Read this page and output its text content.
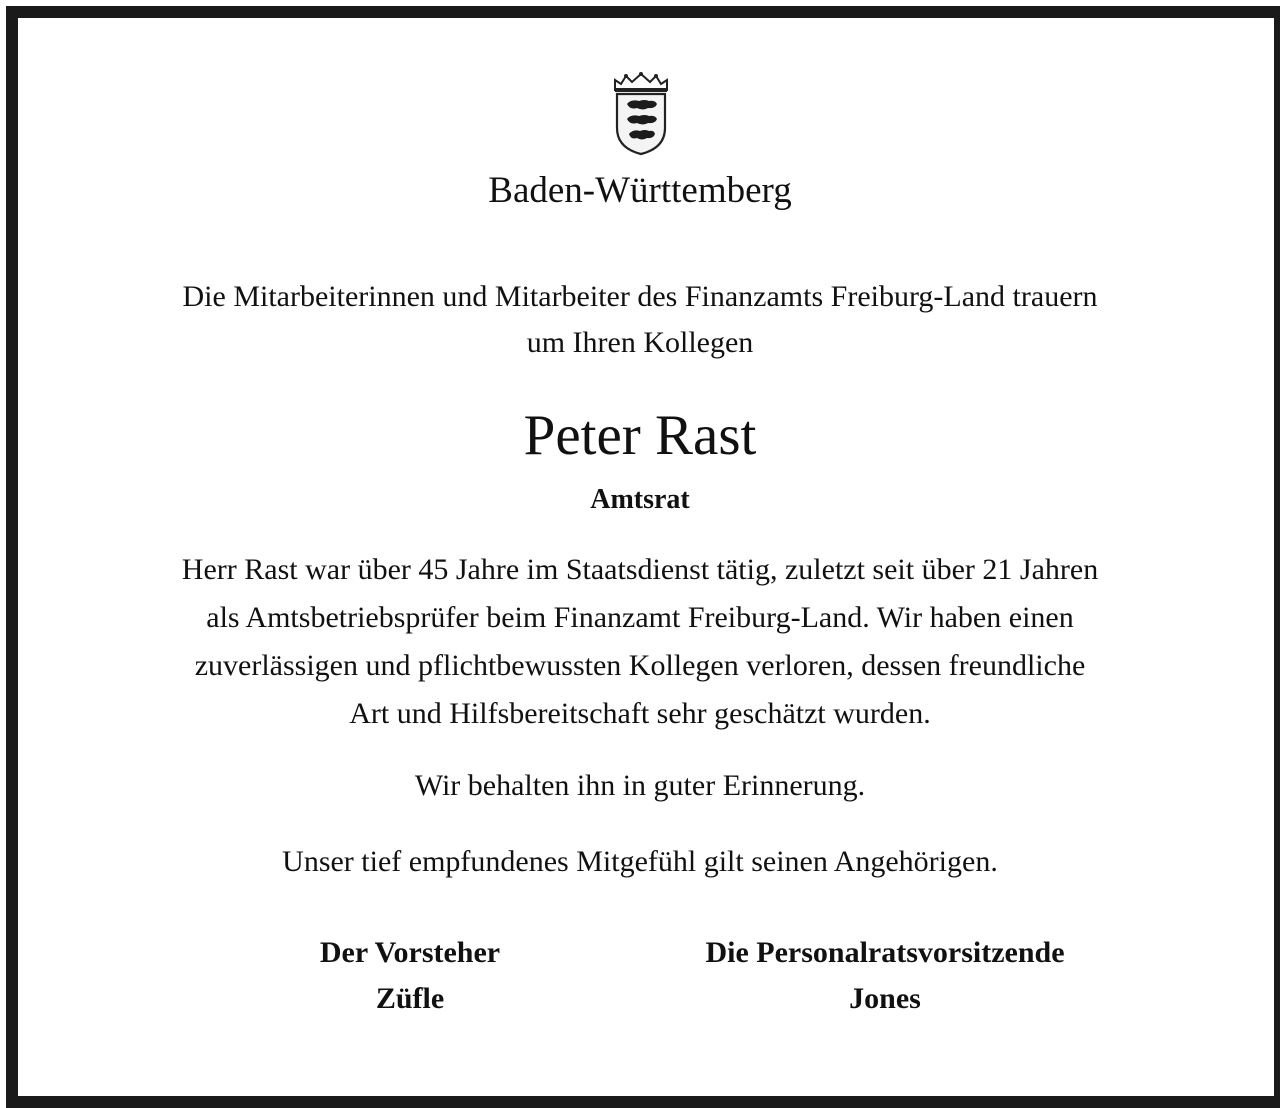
Baden-Württemberg
Die Mitarbeiterinnen und Mitarbeiter des Finanzamts Freiburg-Land trauern
um Ihren Kollegen
Peter Rast
Amtsrat
Herr Rast war über 45 Jahre im Staatsdienst tätig, zuletzt seit über 21 Jahren
als Amtsbetriebsprüfer beim Finanzamt Freiburg-Land. Wir haben einen
zuverlässigen und pflichtbewussten Kollegen verloren, dessen freundliche
Art und Hilfsbereitschaft sehr geschätzt wurden.
Wir behalten ihn in guter Erinnerung.
Unser tief empfundenes Mitgefühl gilt seinen Angehörigen.
Der Vorsteher
Züfle
Die Personalratsvorsitzende
Jones
